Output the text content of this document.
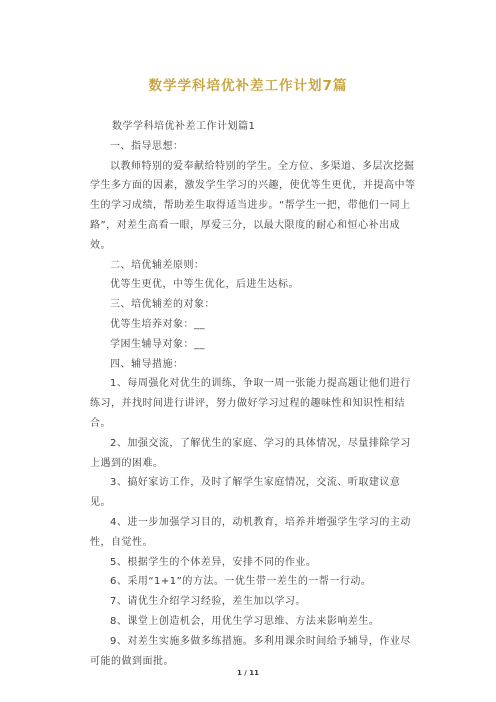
数学学科培优补差工作计划7篇

数学学科培优补差工作计划篇1

一、指导思想：

以教师特别的爱奉献给特别的学生。全方位、多渠道、多层次挖掘学生多方面的因素，激发学生学习的兴趣，使优等生更优，并提高中等生的学习成绩，帮助差生取得适当进步。“帮学生一把，带他们一同上路”，对差生高看一眼，厚爱三分，以最大限度的耐心和恒心补出成效。

二、培优辅差原则：

优等生更优，中等生优化，后进生达标。

三、培优辅差的对象：

优等生培养对象：__

学困生辅导对象：__

四、辅导措施：

1、每周强化对优生的训练，争取一周一张能力提高题让他们进行练习，并找时间进行讲评，努力做好学习过程的趣味性和知识性相结合。

2、加强交流，了解优生的家庭、学习的具体情况，尽量排除学习上遇到的困难。

3、搞好家访工作，及时了解学生家庭情况，交流、听取建议意见。

4、进一步加强学习目的，动机教育，培养并增强学生学习的主动性，自觉性。

5、根据学生的个体差异，安排不同的作业。

6、采用“1+1”的方法。一优生带一差生的一帮一行动。

7、请优生介绍学习经验，差生加以学习。

8、课堂上创造机会，用优生学习思维、方法来影响差生。

9、对差生实施多做多练措施。多利用课余时间给予辅导，作业尽可能的做到面批。

1 / 11
